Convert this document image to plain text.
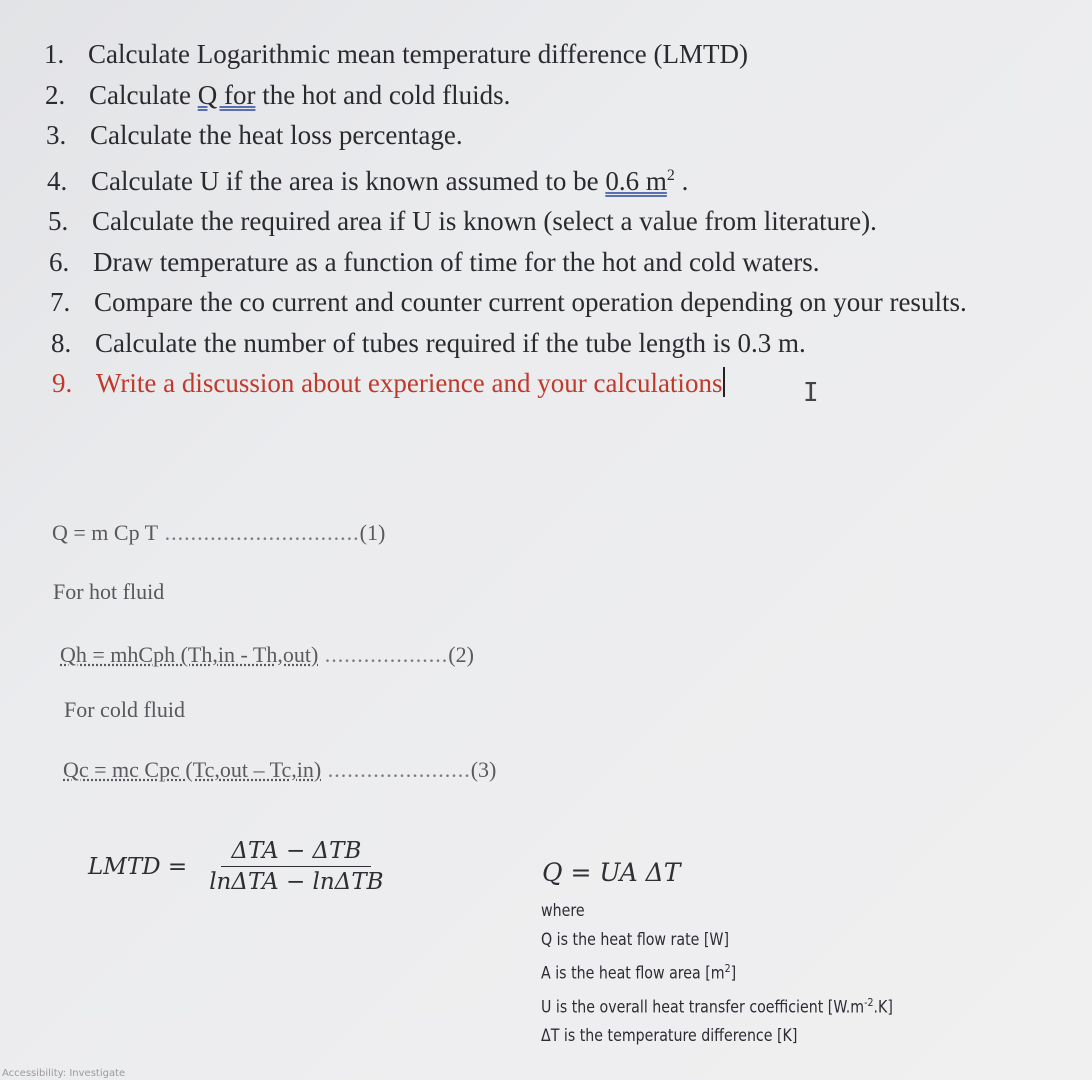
1. Calculate Logarithmic mean temperature difference (LMTD)
2. Calculate Q for the hot and cold fluids.
3. Calculate the heat loss percentage.
4. Calculate U if the area is known assumed to be 0.6 $m^2$ .
5. Calculate the required area if U is known (select a value from literature).
6. Draw temperature as a function of time for the hot and cold waters.
7. Compare the co current and counter current operation depending on your results.
8. Calculate the number of tubes required if the tube length is 0.3 m.
9. Write a discussion about experience and your calculations	I
Q = m Cp T ..............................(1)
For hot fluid
Qh = mhCph (Th,in - Th,out) ...................(2)
For cold fluid
Qc = mc Cpc (Tc,out – Tc,in) ......................(3)
LMTD = $\frac{\text{ΔTA − ΔTB}}{\text{lnΔTA − lnΔTB}}$	Q = UA ΔT
where
Q is the heat flow rate [W]
A is the heat flow area $[m^2]$
U is the overall heat transfer coefficient $[W.m^{-2}.K]$
ΔT is the temperature difference [K]
Accessibility: Investigate
